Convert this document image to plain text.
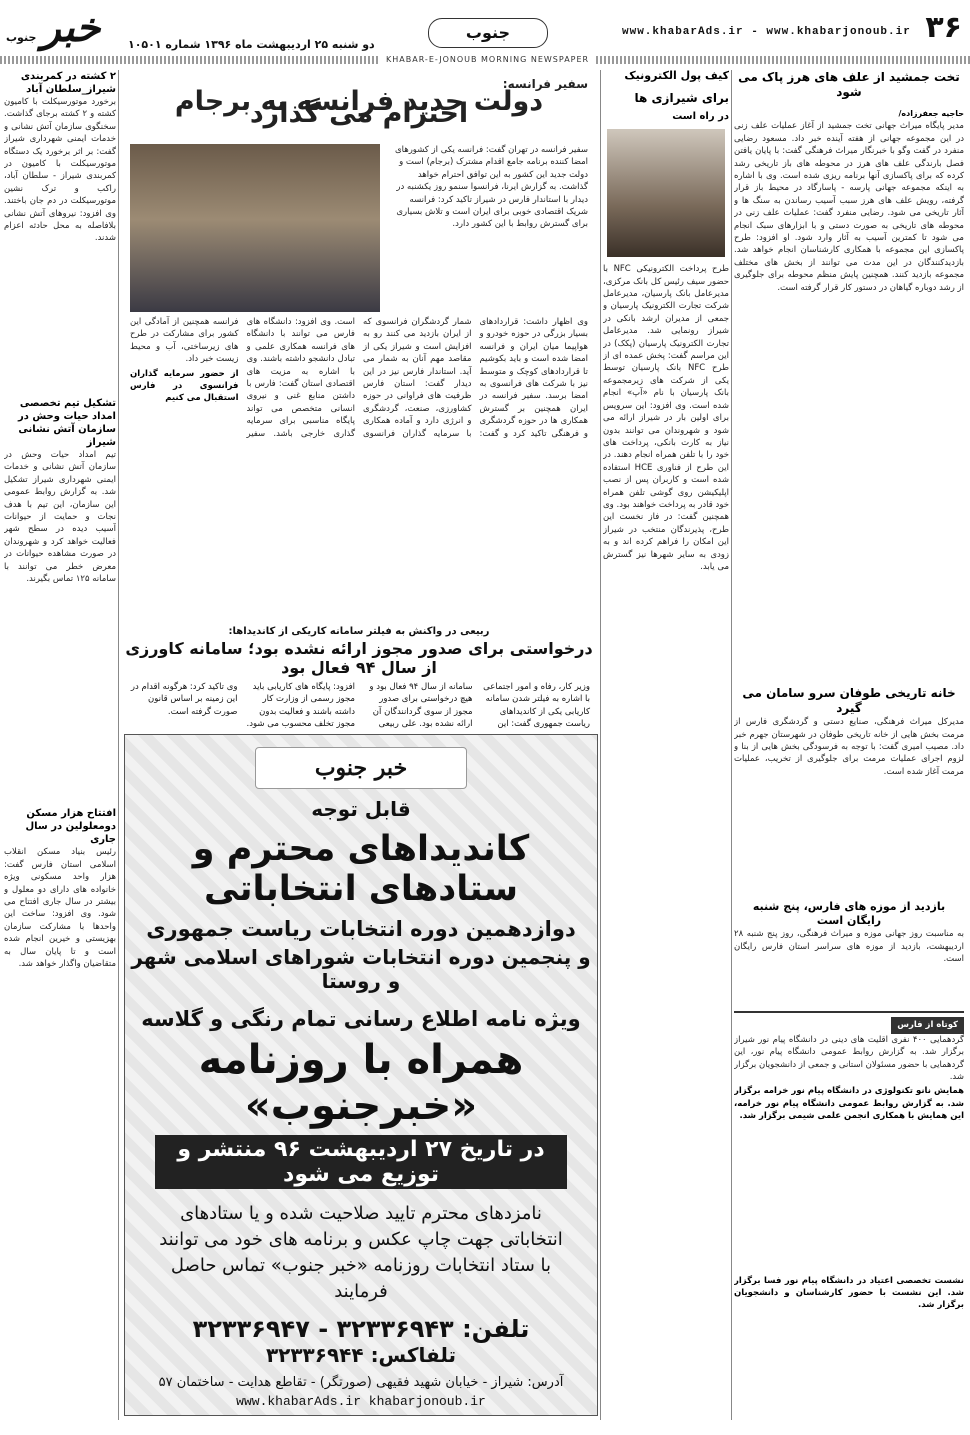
۳۶
www.khabarAds.ir - www.khabarjonoub.ir
جنوب
دو شنبه ۲۵ اردیبهشت ماه ۱۳۹۶ شماره ۱۰۵۰۱
خبر جنوب
KHABAR-E-JONOUB MORNING NEWSPAPER
تخت جمشید از علف های هرز پاک می شود
حاجیه جعفرزاده/

مدیر پایگاه میراث جهانی تخت جمشید از آغاز عملیات علف زنی در این مجموعه جهانی از هفته آینده خبر داد. مسعود رضایی منفرد در گفت وگو با خبرنگار میراث فرهنگی گفت: با پایان یافتن فصل بارندگی علف های هرز در محوطه های باز تاریخی رشد کرده که برای پاکسازی آنها برنامه ریزی شده است. وی با اشاره به اینکه مجموعه جهانی پارسه - پاسارگاد در محیط باز قرار گرفته، رویش علف های هرز سبب آسیب رساندن به سنگ ها و آثار تاریخی می شود. رضایی منفرد گفت: عملیات علف زنی در محوطه های تاریخی به صورت دستی و با ابزارهای سبک انجام می شود تا کمترین آسیب به آثار وارد شود. او افزود: طرح پاکسازی این مجموعه با همکاری کارشناسان انجام خواهد شد. بازدیدکنندگان در این مدت می توانند از بخش های مختلف مجموعه بازدید کنند. همچنین پایش منظم محوطه برای جلوگیری از رشد دوباره گیاهان در دستور کار قرار گرفته است.

خانه تاریخی طوفان سرو سامان می گیرد

مدیرکل میراث فرهنگی، صنایع دستی و گردشگری فارس از مرمت بخش هایی از خانه تاریخی طوفان در شهرستان جهرم خبر داد. مصیب امیری گفت: با توجه به فرسودگی بخش هایی از بنا و لزوم اجرای عملیات مرمت برای جلوگیری از تخریب، عملیات مرمت آغاز شده است.

بازدید از موزه های فارس، پنج شنبه رایگان است

به مناسبت روز جهانی موزه و میراث فرهنگی، روز پنج شنبه ۲۸ اردیبهشت، بازدید از موزه های سراسر استان فارس رایگان است.

کوتاه از فارس

گردهمایی ۴۰۰ نفری اقلیت های دینی در دانشگاه پیام نور شیراز برگزار شد. به گزارش روابط عمومی دانشگاه پیام نور، این گردهمایی با حضور مسئولان استانی و جمعی از دانشجویان برگزار شد.

همایش نانو تکنولوژی در دانشگاه پیام نور خرامه برگزار شد. به گزارش روابط عمومی دانشگاه پیام نور خرامه، این همایش با همکاری انجمن علمی شیمی برگزار شد.

نشست تخصصی اعتیاد در دانشگاه پیام نور فسا برگزار شد. این نشست با حضور کارشناسان و دانشجویان برگزار شد.

کیف پول الکترونیک
برای شیرازی ها
در راه است

طرح پرداخت الکترونیکی NFC با حضور سیف رئیس کل بانک مرکزی، مدیرعامل بانک پارسیان، مدیرعامل شرکت تجارت الکترونیک پارسیان و جمعی از مدیران ارشد بانکی در شیراز رونمایی شد. مدیرعامل تجارت الکترونیک پارسیان (پکک) در این مراسم گفت: پخش عمده ای از طرح NFC بانک پارسیان توسط یکی از شرکت های زیرمجموعه بانک پارسیان با نام «آپ» انجام شده است. وی افزود: این سرویس برای اولین بار در شیراز ارائه می شود و شهروندان می توانند بدون نیاز به کارت بانکی، پرداخت های خود را با تلفن همراه انجام دهند. در این طرح از فناوری HCE استفاده شده است و کاربران پس از نصب اپلیکیشن روی گوشی تلفن همراه خود قادر به پرداخت خواهند بود. وی همچنین گفت: در فاز نخست این طرح، پذیرندگان منتخب در شیراز این امکان را فراهم کرده اند و به زودی به سایر شهرها نیز گسترش می یابد.

سفیر فرانسه:
دولت جدید فرانسه به برجام احترام می گذارد
سفیر فرانسه در تهران گفت: فرانسه یکی از کشورهای امضا کننده برنامه جامع اقدام مشترک (برجام) است و دولت جدید این کشور به این توافق احترام خواهد گذاشت. به گزارش ایرنا، فرانسوا سنمو روز یکشنبه در دیدار با استاندار فارس در شیراز تاکید کرد: فرانسه شریک اقتصادی خوبی برای ایران است و تلاش بسیاری برای گسترش روابط با این کشور دارد.

وی اظهار داشت: قراردادهای بسیار بزرگی در حوزه خودرو و هواپیما میان ایران و فرانسه امضا شده است و باید بکوشیم تا قراردادهای کوچک و متوسط نیز با شرکت های فرانسوی به امضا برسد. سفیر فرانسه در ایران همچنین بر گسترش همکاری ها در حوزه گردشگری و فرهنگی تاکید کرد و گفت: شمار گردشگران فرانسوی که از ایران بازدید می کنند رو به افزایش است و شیراز یکی از مقاصد مهم آنان به شمار می آید. استاندار فارس نیز در این دیدار گفت: استان فارس ظرفیت های فراوانی در حوزه کشاورزی، صنعت، گردشگری و انرژی دارد و آماده همکاری با سرمایه گذاران فرانسوی است. وی افزود: دانشگاه های فارس می توانند با دانشگاه های فرانسه همکاری علمی و تبادل دانشجو داشته باشند. وی با اشاره به مزیت های اقتصادی استان گفت: فارس با داشتن منابع غنی و نیروی انسانی متخصص می تواند پایگاه مناسبی برای سرمایه گذاری خارجی باشد. سفیر فرانسه همچنین از آمادگی این کشور برای مشارکت در طرح های زیرساختی، آب و محیط زیست خبر داد.

از حضور سرمایه گذاران فرانسوی در فارس استقبال می کنیم

ربیعی در واکنش به فیلتر سامانه کاریکی از کاندیداها:
درخواستی برای صدور مجوز ارائه نشده بود؛ سامانه کاورزی از سال ۹۴ فعال بود
وزیر کار، رفاه و امور اجتماعی با اشاره به فیلتر شدن سامانه کاریابی یکی از کاندیداهای ریاست جمهوری گفت: این سامانه از سال ۹۴ فعال بود و هیچ درخواستی برای صدور مجوز از سوی گردانندگان آن ارائه نشده بود. علی ربیعی افزود: پایگاه های کاریابی باید مجوز رسمی از وزارت کار داشته باشند و فعالیت بدون مجوز تخلف محسوب می شود. وی تاکید کرد: هرگونه اقدام در این زمینه بر اساس قانون صورت گرفته است.
خبر جنوب
قابل توجه
کاندیداهای محترم و ستادهای انتخاباتی
دوازدهمین دوره انتخابات ریاست جمهوری
و پنجمین دوره انتخابات شوراهای اسلامی شهر و روستا
ویژه نامه اطلاع رسانی تمام رنگی و گلاسه
همراه با روزنامه «خبرجنوب»
در تاریخ ۲۷ اردیبهشت ۹۶ منتشر و توزیع می شود
نامزدهای محترم تایید صلاحیت شده و یا ستادهای انتخاباتی جهت چاپ عکس و برنامه های خود می توانند با ستاد انتخابات روزنامه «خبر جنوب» تماس حاصل فرمایند
تلفن: ۳۲۳۳۶۹۴۳ - ۳۲۳۳۶۹۴۷
تلفاکس: ۳۲۳۳۶۹۴۴
آدرس: شیراز - خیابان شهید فقیهی (صورتگر) - تقاطع هدایت - ساختمان ۵۷
www.khabarAds.ir khabarjonoub.ir
۲ کشته در کمربندی شیراز_سلطان آباد

برخورد موتورسیکلت با کامیون کشته و ۲ کشته برجای گذاشت. سخنگوی سازمان آتش نشانی و خدمات ایمنی شهرداری شیراز گفت: بر اثر برخورد یک دستگاه موتورسیکلت با کامیون در کمربندی شیراز - سلطان آباد، راکب و ترک نشین موتورسیکلت در دم جان باختند. وی افزود: نیروهای آتش نشانی بلافاصله به محل حادثه اعزام شدند.

تشکیل تیم تخصصی امداد حیات وحش در سازمان آتش نشانی شیراز

تیم امداد حیات وحش در سازمان آتش نشانی و خدمات ایمنی شهرداری شیراز تشکیل شد. به گزارش روابط عمومی این سازمان، این تیم با هدف نجات و حمایت از حیوانات آسیب دیده در سطح شهر فعالیت خواهد کرد و شهروندان در صورت مشاهده حیوانات در معرض خطر می توانند با سامانه ۱۲۵ تماس بگیرند.

افتتاح هزار مسکن دومعلولین در سال جاری

رئیس بنیاد مسکن انقلاب اسلامی استان فارس گفت: هزار واحد مسکونی ویژه خانواده های دارای دو معلول و بیشتر در سال جاری افتتاح می شود. وی افزود: ساخت این واحدها با مشارکت سازمان بهزیستی و خیرین انجام شده است و تا پایان سال به متقاضیان واگذار خواهد شد.
